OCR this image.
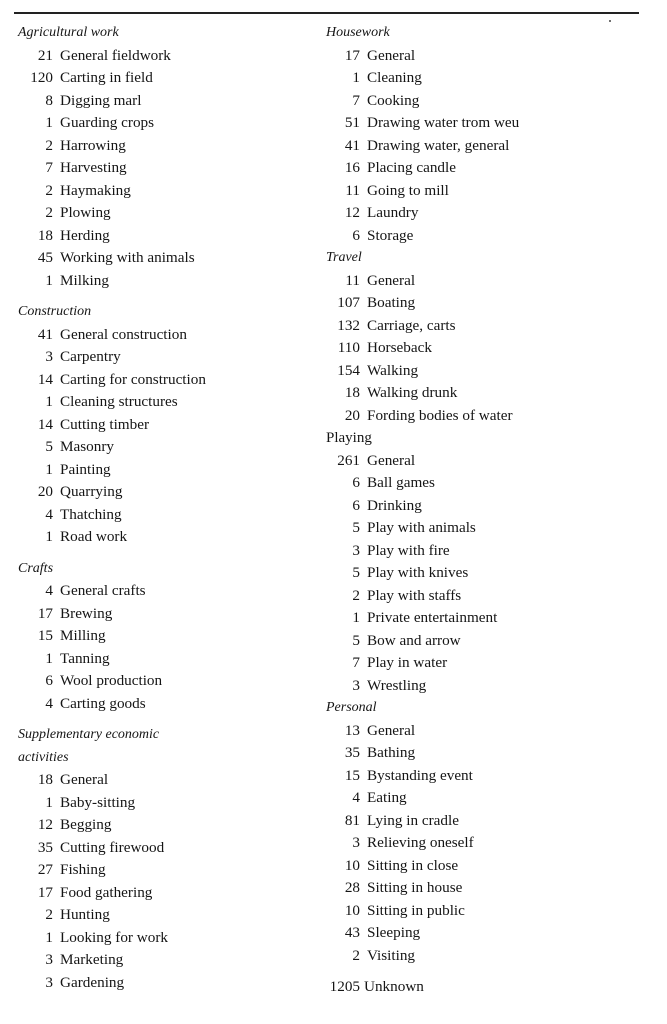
Agricultural work
21 General fieldwork
120 Carting in field
8 Digging marl
1 Guarding crops
2 Harrowing
7 Harvesting
2 Haymaking
2 Plowing
18 Herding
45 Working with animals
1 Milking
Construction
41 General construction
3 Carpentry
14 Carting for construction
1 Cleaning structures
14 Cutting timber
5 Masonry
1 Painting
20 Quarrying
4 Thatching
1 Road work
Crafts
4 General crafts
17 Brewing
15 Milling
1 Tanning
6 Wool production
4 Carting goods
Supplementary economic
activities
18 General
1 Baby-sitting
12 Begging
35 Cutting firewood
27 Fishing
17 Food gathering
2 Hunting
1 Looking for work
3 Marketing
3 Gardening
Housework
17 General
1 Cleaning
7 Cooking
51 Drawing water trom weu
41 Drawing water, general
16 Placing candle
11 Going to mill
12 Laundry
6 Storage
Travel
11 General
107 Boating
132 Carriage, carts
110 Horseback
154 Walking
18 Walking drunk
20 Fording bodies of water
Playing
261 General
6 Ball games
6 Drinking
5 Play with animals
3 Play with fire
5 Play with knives
2 Play with staffs
1 Private entertainment
5 Bow and arrow
7 Play in water
3 Wrestling
Personal
13 General
35 Bathing
15 Bystanding event
4 Eating
81 Lying in cradle
3 Relieving oneself
10 Sitting in close
28 Sitting in house
10 Sitting in public
43 Sleeping
2 Visiting
1205 Unknown
